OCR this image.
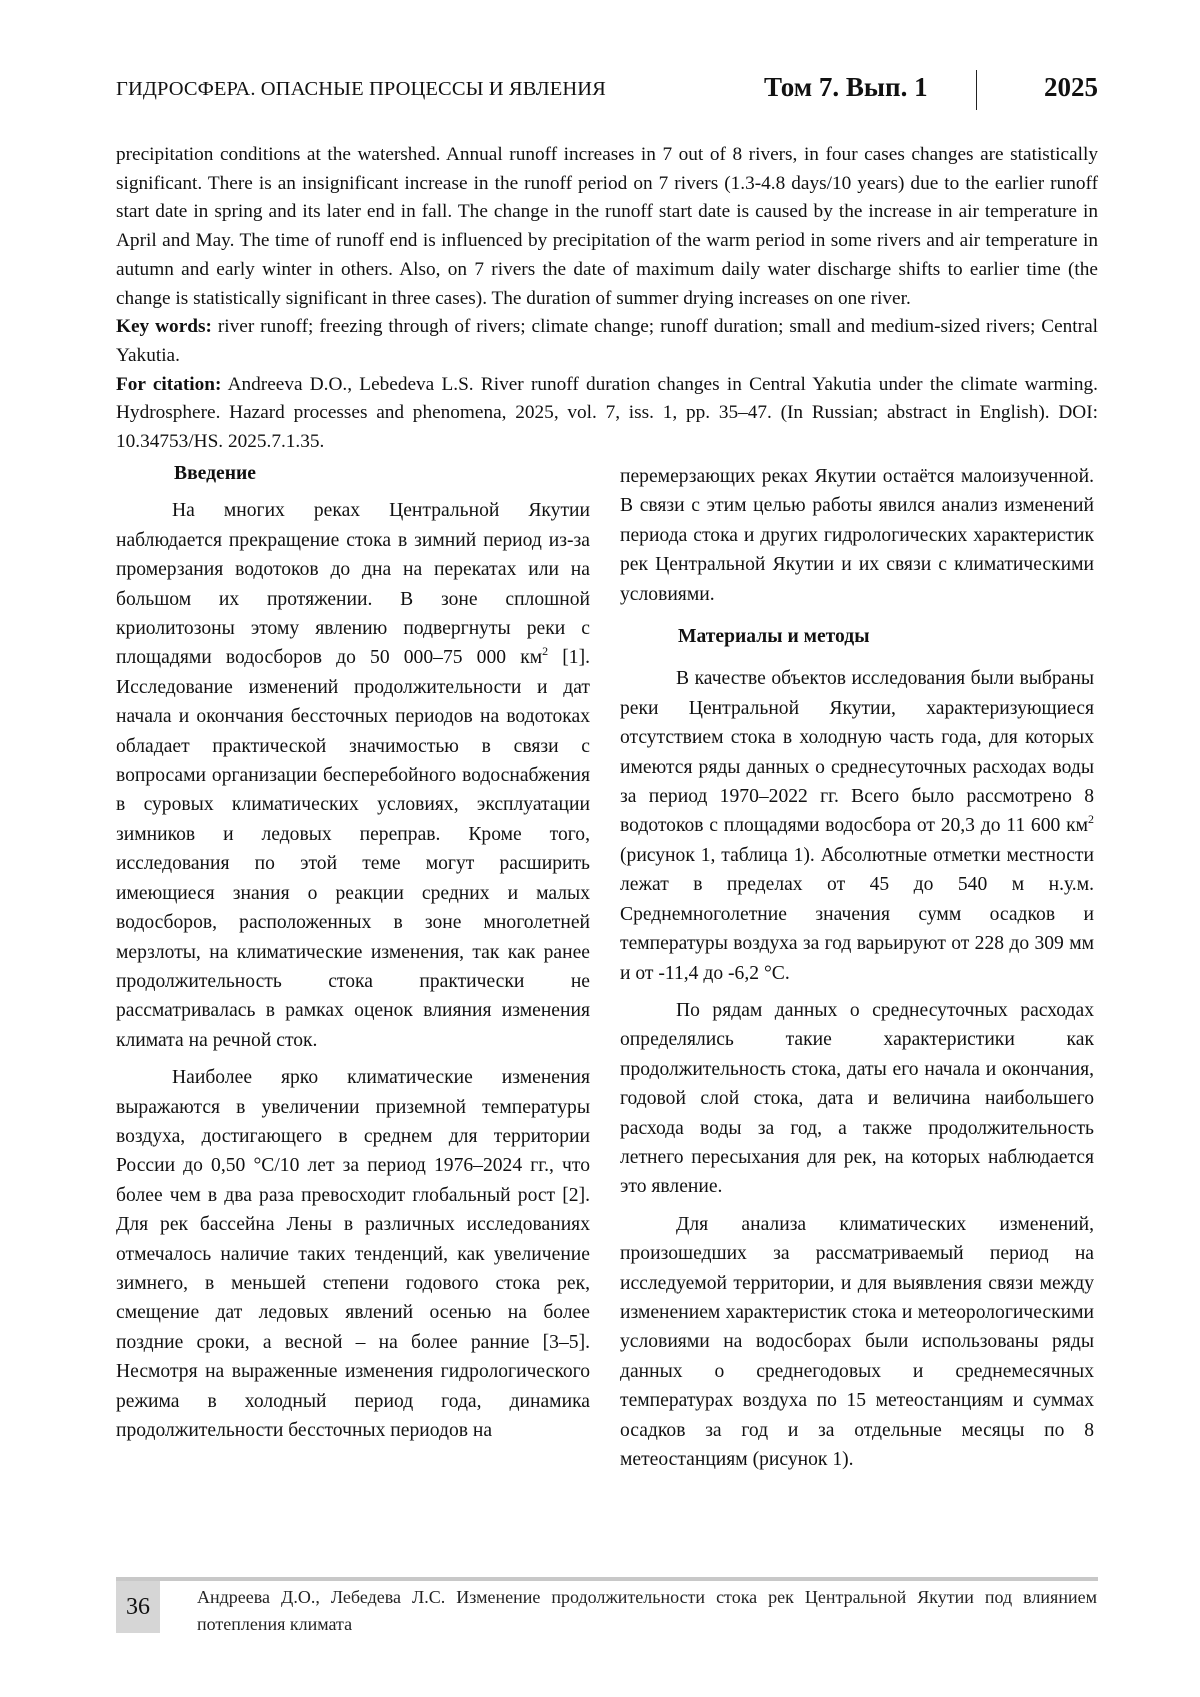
ГИДРОСФЕРА. ОПАСНЫЕ ПРОЦЕССЫ И ЯВЛЕНИЯ	Том 7. Вып. 1	2025

precipitation conditions at the watershed. Annual runoff increases in 7 out of 8 rivers, in four cases changes are statistically significant. There is an insignificant increase in the runoff period on 7 rivers (1.3-4.8 days/10 years) due to the earlier runoff start date in spring and its later end in fall. The change in the runoff start date is caused by the increase in air temperature in April and May. The time of runoff end is influenced by precipitation of the warm period in some rivers and air temperature in autumn and early winter in others. Also, on 7 rivers the date of maximum daily water discharge shifts to earlier time (the change is statistically significant in three cases). The duration of summer drying increases on one river.

Key words: river runoff; freezing through of rivers; climate change; runoff duration; small and medium-sized rivers; Central Yakutia.

For citation: Andreeva D.O., Lebedeva L.S. River runoff duration changes in Central Yakutia under the climate warming. Hydrosphere. Hazard processes and phenomena, 2025, vol. 7, iss. 1, pp. 35–47. (In Russian; abstract in English). DOI: 10.34753/HS. 2025.7.1.35.

Введение

На многих реках Центральной Якутии наблюдается прекращение стока в зимний период из-за промерзания водотоков до дна на перекатах или на большом их протяжении. В зоне сплошной криолитозоны этому явлению подвергнуты реки с площадями водосборов до 50 000–75 000 $км^2$ [1]. Исследование изменений продолжительности и дат начала и окончания бессточных периодов на водотоках обладает практической значимостью в связи с вопросами организации бесперебойного водоснабжения в суровых климатических условиях, эксплуатации зимников и ледовых переправ. Кроме того, исследования по этой теме могут расширить имеющиеся знания о реакции средних и малых водосборов, расположенных в зоне многолетней мерзлоты, на климатические изменения, так как ранее продолжительность стока практически не рассматривалась в рамках оценок влияния изменения климата на речной сток.

Наиболее ярко климатические изменения выражаются в увеличении приземной температуры воздуха, достигающего в среднем для территории России до 0,50 °С/10 лет за период 1976–2024 гг., что более чем в два раза превосходит глобальный рост [2]. Для рек бассейна Лены в различных исследованиях отмечалось наличие таких тенденций, как увеличение зимнего, в меньшей степени годового стока рек, смещение дат ледовых явлений осенью на более поздние сроки, а весной – на более ранние [3–5]. Несмотря на выраженные изменения гидрологического режима в холодный период года, динамика продолжительности бессточных периодов на

перемерзающих реках Якутии остаётся малоизученной. В связи с этим целью работы явился анализ изменений периода стока и других гидрологических характеристик рек Центральной Якутии и их связи с климатическими условиями.

Материалы и методы

В качестве объектов исследования были выбраны реки Центральной Якутии, характеризующиеся отсутствием стока в холодную часть года, для которых имеются ряды данных о среднесуточных расходах воды за период 1970–2022 гг. Всего было рассмотрено 8 водотоков с площадями водосбора от 20,3 до 11 600 $км^2$ (рисунок 1, таблица 1). Абсолютные отметки местности лежат в пределах от 45 до 540 м н.у.м. Среднемноголетние значения сумм осадков и температуры воздуха за год варьируют от 228 до 309 мм и от -11,4 до -6,2 °С.

По рядам данных о среднесуточных расходах определялись такие характеристики как продолжительность стока, даты его начала и окончания, годовой слой стока, дата и величина наибольшего расхода воды за год, а также продолжительность летнего пересыхания для рек, на которых наблюдается это явление.

Для анализа климатических изменений, произошедших за рассматриваемый период на исследуемой территории, и для выявления связи между изменением характеристик стока и метеорологическими условиями на водосборах были использованы ряды данных о среднегодовых и среднемесячных температурах воздуха по 15 метеостанциям и суммах осадков за год и за отдельные месяцы по 8 метеостанциям (рисунок 1).

36	Андреева Д.О., Лебедева Л.С. Изменение продолжительности стока рек Центральной Якутии под влиянием потепления климата
